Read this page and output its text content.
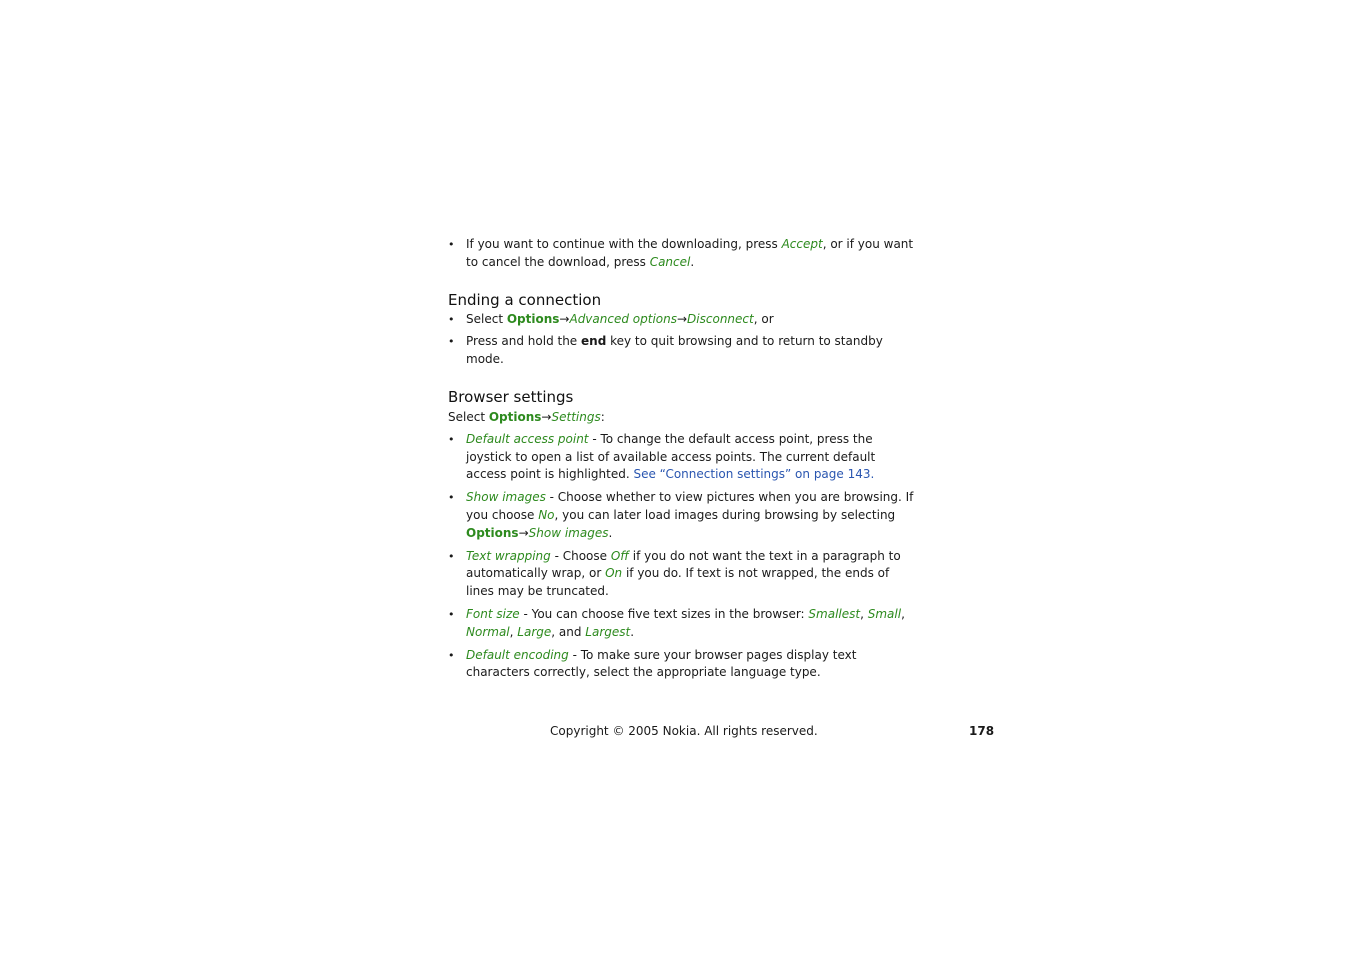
• If you want to continue with the downloading, press Accept, or if you want to cancel the download, press Cancel.

Ending a connection

• Select Options→Advanced options→Disconnect, or

• Press and hold the end key to quit browsing and to return to standby mode.

Browser settings

Select Options→Settings:

• Default access point - To change the default access point, press the joystick to open a list of available access points. The current default access point is highlighted. See “Connection settings” on page 143.

• Show images - Choose whether to view pictures when you are browsing. If you choose No, you can later load images during browsing by selecting Options→Show images.

• Text wrapping - Choose Off if you do not want the text in a paragraph to automatically wrap, or On if you do. If text is not wrapped, the ends of lines may be truncated.

• Font size - You can choose five text sizes in the browser: Smallest, Small, Normal, Large, and Largest.

• Default encoding - To make sure your browser pages display text characters correctly, select the appropriate language type.

Copyright © 2005 Nokia. All rights reserved.	178
